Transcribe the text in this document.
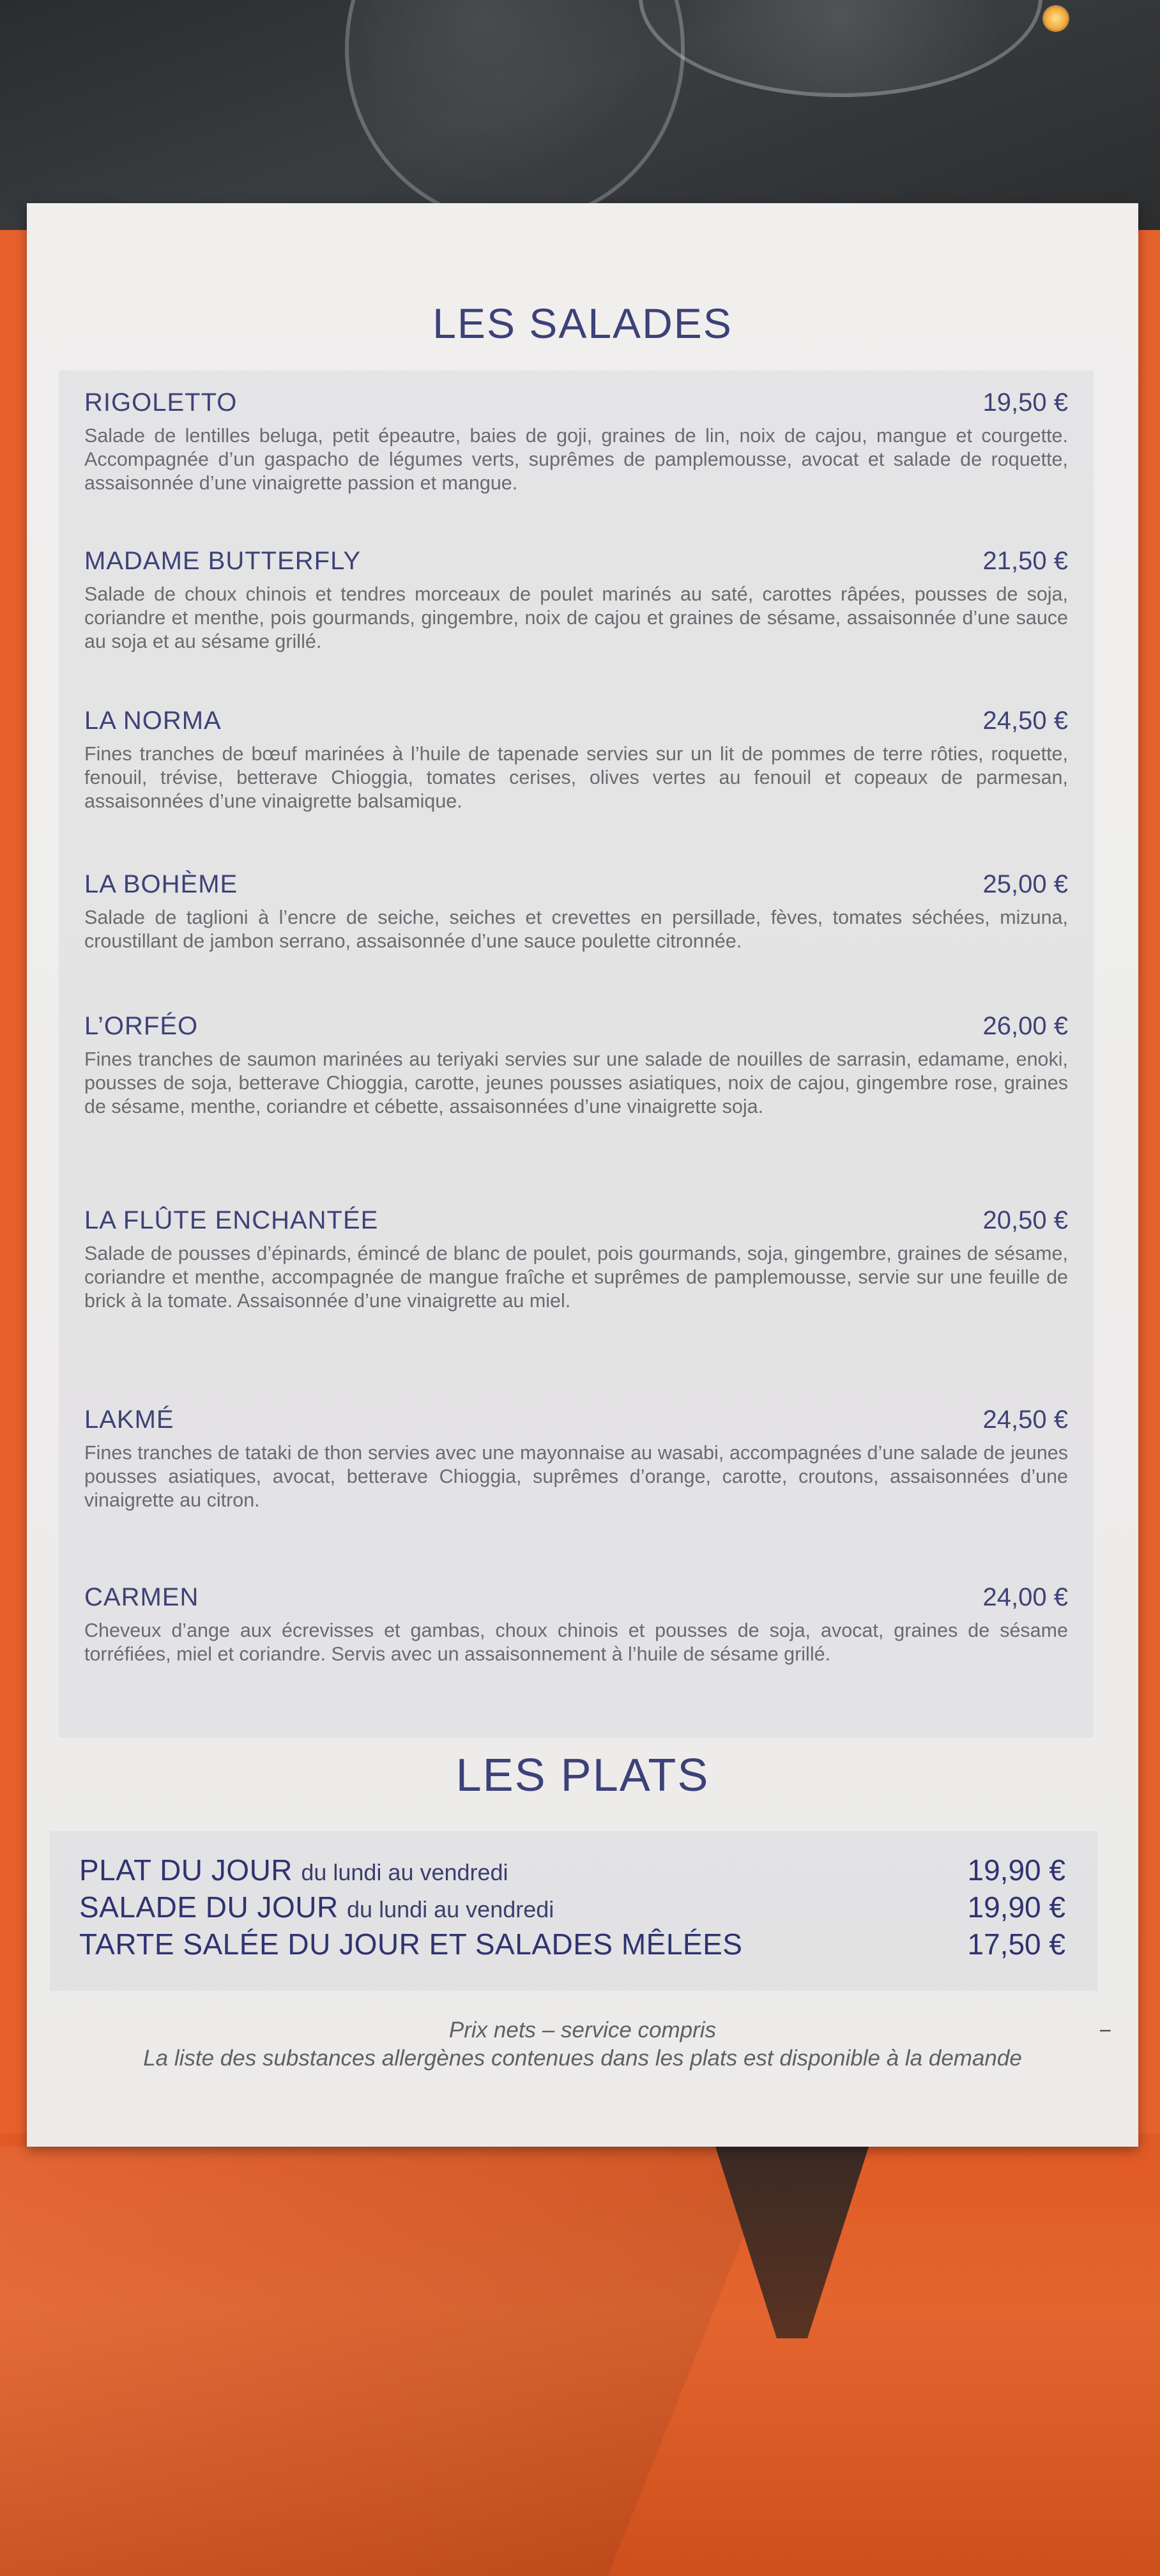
LES SALADES
RIGOLETTO	19,50 €

Salade de lentilles beluga, petit épeautre, baies de goji, graines de lin, noix de cajou, mangue et courgette. Accompagnée d’un gaspacho de légumes verts, suprêmes de pamplemousse, avocat et salade de roquette, assaisonnée d’une vinaigrette passion et mangue.

MADAME BUTTERFLY	21,50 €

Salade de choux chinois et tendres morceaux de poulet marinés au saté, carottes râpées, pousses de soja, coriandre et menthe, pois gourmands, gingembre, noix de cajou et graines de sésame, assaisonnée d’une sauce au soja et au sésame grillé.

LA NORMA	24,50 €

Fines tranches de bœuf marinées à l’huile de tapenade servies sur un lit de pommes de terre rôties, roquette, fenouil, trévise, betterave Chioggia, tomates cerises, olives vertes au fenouil et copeaux de parmesan, assaisonnées d’une vinaigrette balsamique.

LA BOHÈME	25,00 €

Salade de taglioni à l’encre de seiche, seiches et crevettes en persillade, fèves, tomates séchées, mizuna, croustillant de jambon serrano, assaisonnée d’une sauce poulette citronnée.

L’ORFÉO	26,00 €

Fines tranches de saumon marinées au teriyaki servies sur une salade de nouilles de sarrasin, edamame, enoki, pousses de soja, betterave Chioggia, carotte, jeunes pousses asiatiques, noix de cajou, gingembre rose, graines de sésame, menthe, coriandre et cébette, assaisonnées d’une vinaigrette soja.

LA FLÛTE ENCHANTÉE	20,50 €

Salade de pousses d’épinards, émincé de blanc de poulet, pois gourmands, soja, gingembre, graines de sésame, coriandre et menthe, accompagnée de mangue fraîche et suprêmes de pamplemousse, servie sur une feuille de brick à la tomate. Assaisonnée d’une vinaigrette au miel.

LAKMÉ	24,50 €

Fines tranches de tataki de thon servies avec une mayonnaise au wasabi, accompagnées d’une salade de jeunes pousses asiatiques, avocat, betterave Chioggia, suprêmes d’orange, carotte, croutons, assaisonnées d’une vinaigrette au citron.

CARMEN	24,00 €

Cheveux d’ange aux écrevisses et gambas, choux chinois et pousses de soja, avocat, graines de sésame torréfiées, miel et coriandre. Servis avec un assaisonnement à l’huile de sésame grillé.

LES PLATS
PLAT DU JOUR du lundi au vendredi	19,90 €
SALADE DU JOUR du lundi au vendredi	19,90 €
TARTE SALÉE DU JOUR ET SALADES MÊLÉES	17,50 €

Prix nets – service compris

La liste des substances allergènes contenues dans les plats est disponible à la demande

–
